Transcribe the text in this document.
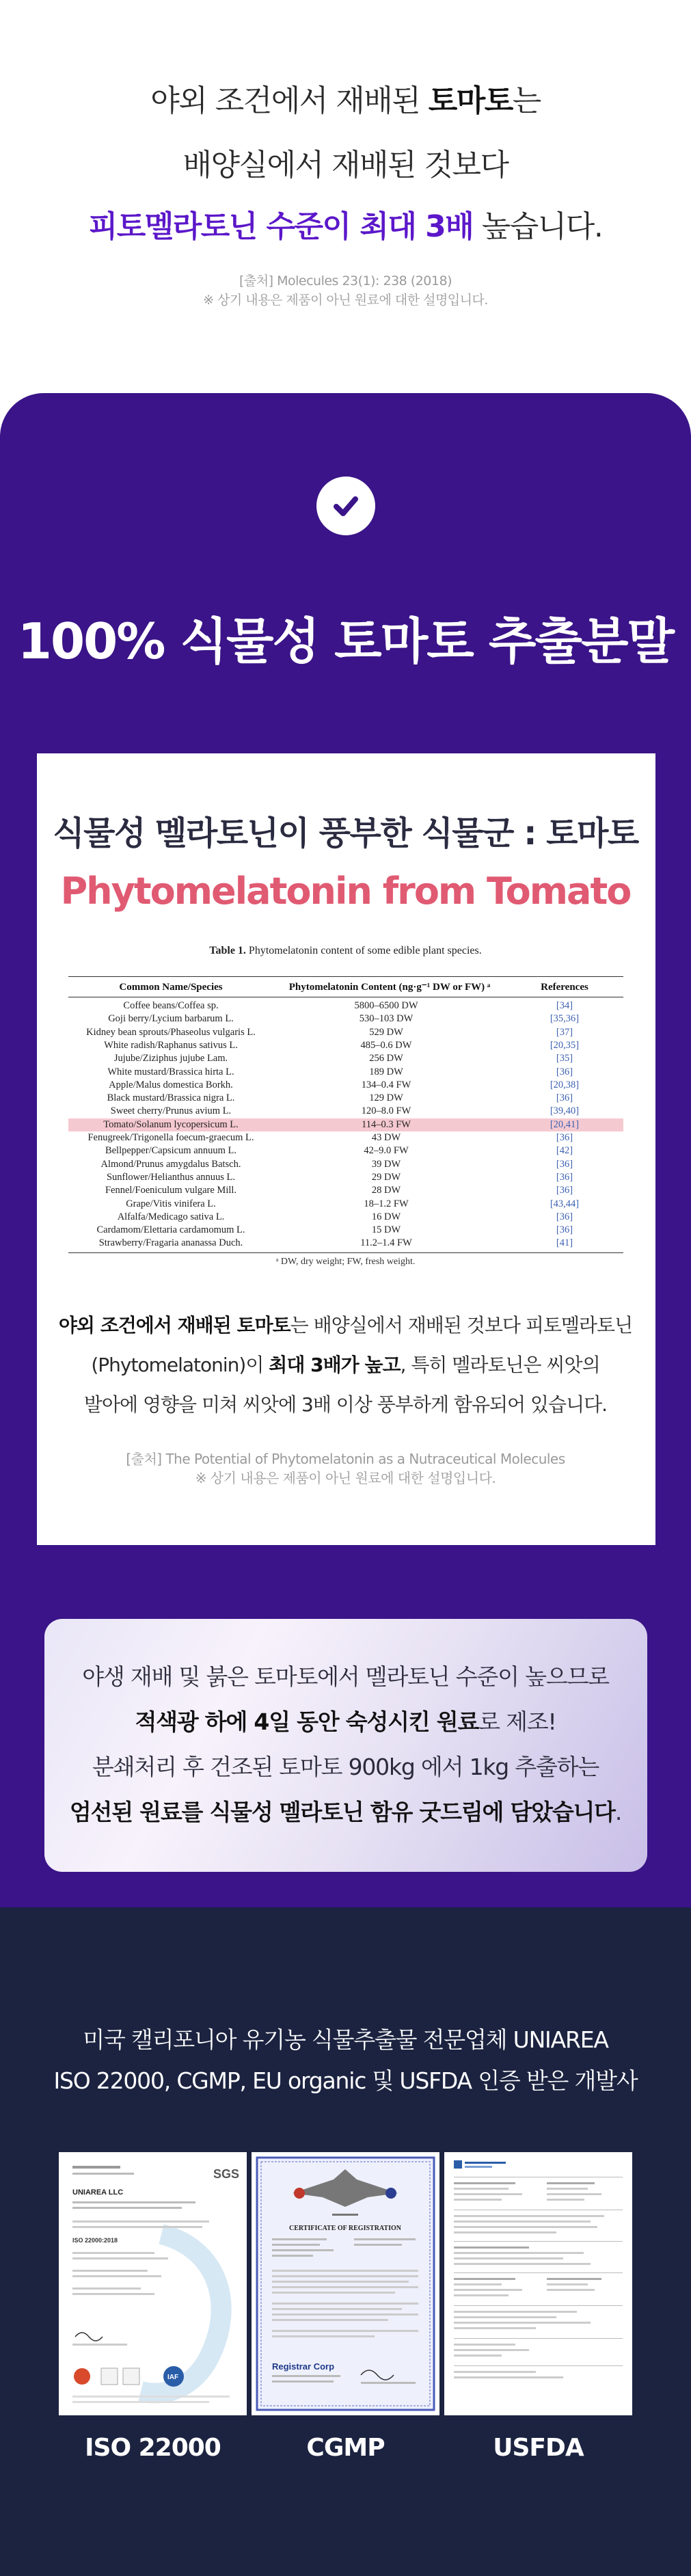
야외 조건에서 재배된 토마토는
배양실에서 재배된 것보다
피토멜라토닌 수준이 최대 3배 높습니다.
[출처] Molecules 23(1): 238 (2018)
※ 상기 내용은 제품이 아닌 원료에 대한 설명입니다.
100% 식물성 토마토 추출분말
식물성 멜라토닌이 풍부한 식물군 : 토마토
Phytomelatonin from Tomato
Table 1. Phytomelatonin content of some edible plant species.
Common Name/Species	Phytomelatonin Content (ng·g⁻¹ DW or FW) ᵃ	References
Coffee beans/Coffea sp.	5800–6500 DW	[34]
Goji berry/Lycium barbarum L.	530–103 DW	[35,36]
Kidney bean sprouts/Phaseolus vulgaris L.	529 DW	[37]
White radish/Raphanus sativus L.	485–0.6 DW	[20,35]
Jujube/Ziziphus jujube Lam.	256 DW	[35]
White mustard/Brassica hirta L.	189 DW	[36]
Apple/Malus domestica Borkh.	134–0.4 FW	[20,38]
Black mustard/Brassica nigra L.	129 DW	[36]
Sweet cherry/Prunus avium L.	120–8.0 FW	[39,40]
Tomato/Solanum lycopersicum L.	114–0.3 FW	[20,41]
Fenugreek/Trigonella foecum-graecum L.	43 DW	[36]
Bellpepper/Capsicum annuum L.	42–9.0 FW	[42]
Almond/Prunus amygdalus Batsch.	39 DW	[36]
Sunflower/Helianthus annuus L.	29 DW	[36]
Fennel/Foeniculum vulgare Mill.	28 DW	[36]
Grape/Vitis vinifera L.	18–1.2 FW	[43,44]
Alfalfa/Medicago sativa L.	16 DW	[36]
Cardamom/Elettaria cardamomum L.	15 DW	[36]
Strawberry/Fragaria ananassa Duch.	11.2–1.4 FW	[41]
ᵃ DW, dry weight; FW, fresh weight.
야외 조건에서 재배된 토마토는 배양실에서 재배된 것보다 피토멜라토닌
(Phytomelatonin)이 최대 3배가 높고, 특히 멜라토닌은 씨앗의
발아에 영향을 미쳐 씨앗에 3배 이상 풍부하게 함유되어 있습니다.
[출처] The Potential of Phytomelatonin as a Nutraceutical Molecules
※ 상기 내용은 제품이 아닌 원료에 대한 설명입니다.
야생 재배 및 붉은 토마토에서 멜라토닌 수준이 높으므로
적색광 하에 4일 동안 숙성시킨 원료로 제조!
분쇄처리 후 건조된 토마토 900kg 에서 1kg 추출하는
엄선된 원료를 식물성 멜라토닌 함유 굿드림에 담았습니다.
미국 캘리포니아 유기농 식물추출물 전문업체 UNIAREA
ISO 22000, CGMP, EU organic 및 USFDA 인증 받은 개발사
SGS
UNIAREA LLC
ISO 22000:2018
IAF
CERTIFICATE OF REGISTRATION
Registrar Corp
ISO 22000	CGMP	USFDA
